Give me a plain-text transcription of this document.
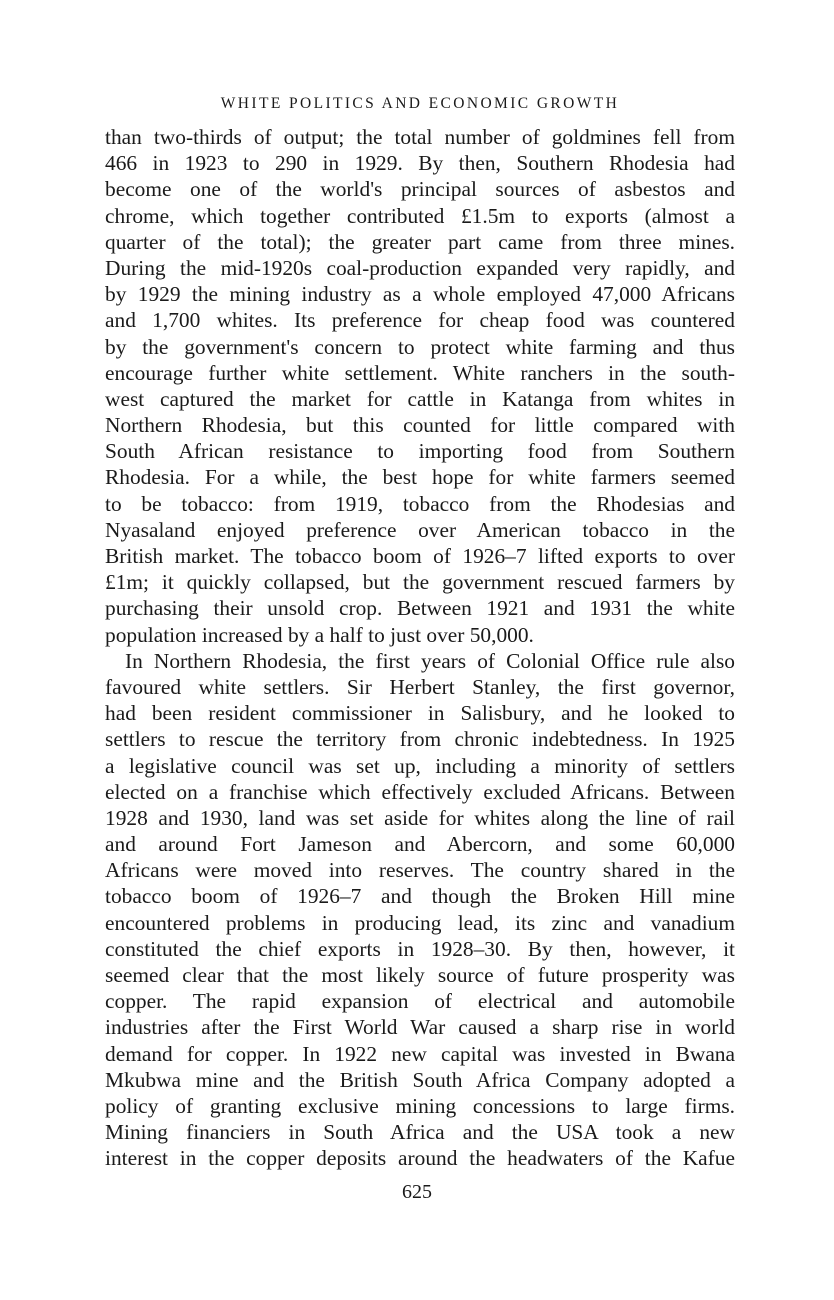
WHITE POLITICS AND ECONOMIC GROWTH
than two-thirds of output; the total number of goldmines fell from
466 in 1923 to 290 in 1929. By then, Southern Rhodesia had
become one of the world's principal sources of asbestos and
chrome, which together contributed £1.5m to exports (almost a
quarter of the total); the greater part came from three mines.
During the mid-1920s coal-production expanded very rapidly, and
by 1929 the mining industry as a whole employed 47,000 Africans
and 1,700 whites. Its preference for cheap food was countered
by the government's concern to protect white farming and thus
encourage further white settlement. White ranchers in the south-
west captured the market for cattle in Katanga from whites in
Northern Rhodesia, but this counted for little compared with
South African resistance to importing food from Southern
Rhodesia. For a while, the best hope for white farmers seemed
to be tobacco: from 1919, tobacco from the Rhodesias and
Nyasaland enjoyed preference over American tobacco in the
British market. The tobacco boom of 1926–7 lifted exports to over
£1m; it quickly collapsed, but the government rescued farmers by
purchasing their unsold crop. Between 1921 and 1931 the white
population increased by a half to just over 50,000.
In Northern Rhodesia, the first years of Colonial Office rule also
favoured white settlers. Sir Herbert Stanley, the first governor,
had been resident commissioner in Salisbury, and he looked to
settlers to rescue the territory from chronic indebtedness. In 1925
a legislative council was set up, including a minority of settlers
elected on a franchise which effectively excluded Africans. Between
1928 and 1930, land was set aside for whites along the line of rail
and around Fort Jameson and Abercorn, and some 60,000
Africans were moved into reserves. The country shared in the
tobacco boom of 1926–7 and though the Broken Hill mine
encountered problems in producing lead, its zinc and vanadium
constituted the chief exports in 1928–30. By then, however, it
seemed clear that the most likely source of future prosperity was
copper. The rapid expansion of electrical and automobile
industries after the First World War caused a sharp rise in world
demand for copper. In 1922 new capital was invested in Bwana
Mkubwa mine and the British South Africa Company adopted a
policy of granting exclusive mining concessions to large firms.
Mining financiers in South Africa and the USA took a new
interest in the copper deposits around the headwaters of the Kafue
625
